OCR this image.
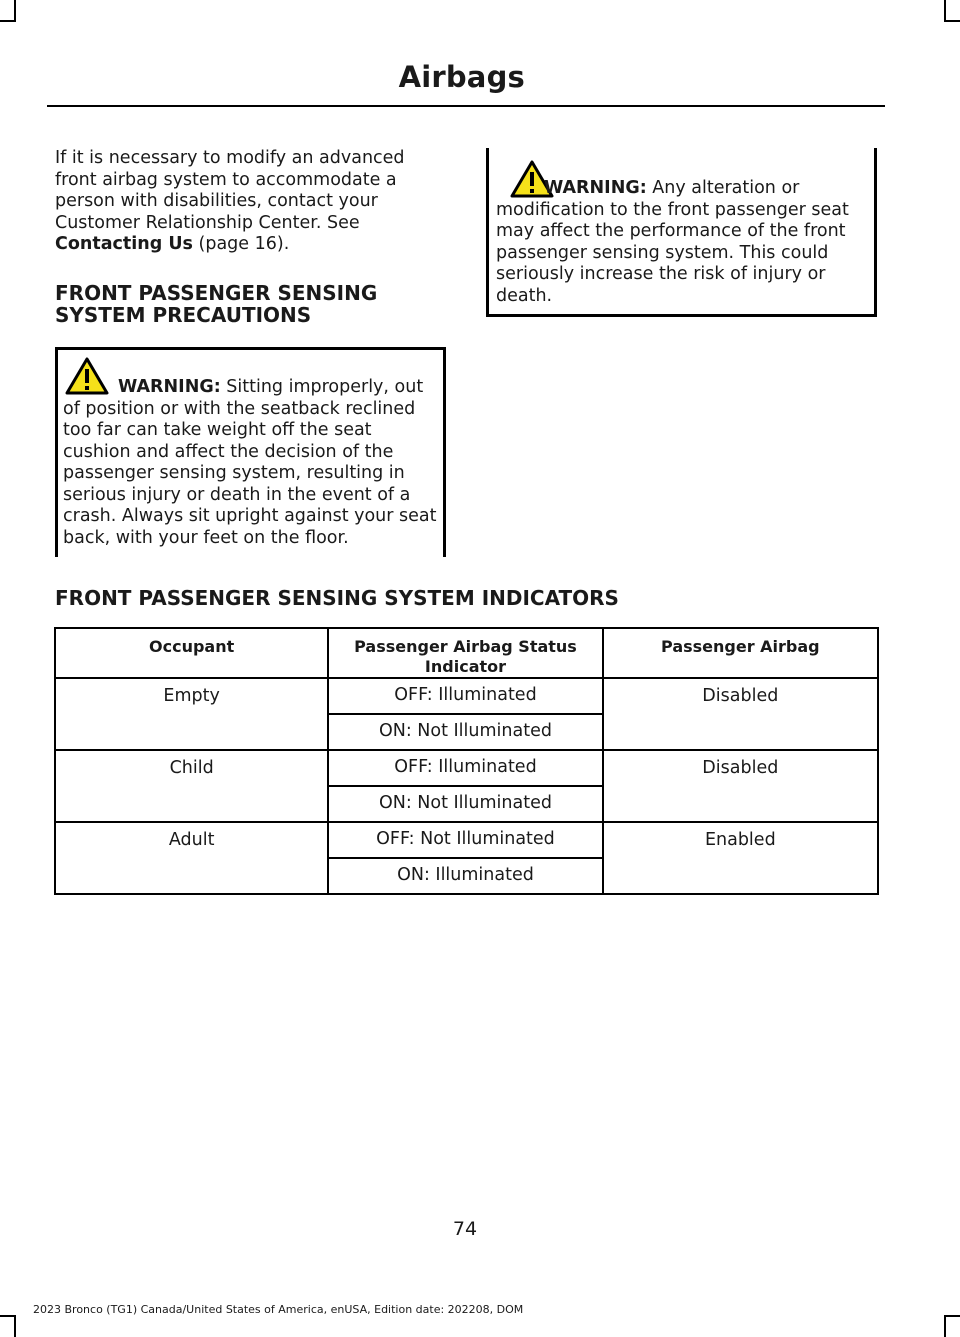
Airbags

If it is necessary to modify an advanced front airbag system to accommodate a person with disabilities, contact your Customer Relationship Center. See Contacting Us (page 16).

FRONT PASSENGER SENSING SYSTEM PRECAUTIONS

WARNING: Sitting improperly, out of position or with the seatback reclined too far can take weight off the seat cushion and affect the decision of the passenger sensing system, resulting in serious injury or death in the event of a crash. Always sit upright against your seat back, with your feet on the floor.

WARNING: Any alteration or modification to the front passenger seat may affect the performance of the front passenger sensing system. This could seriously increase the risk of injury or death.

FRONT PASSENGER SENSING SYSTEM INDICATORS
Occupant	Passenger Airbag Status Indicator	Passenger Airbag
Empty	OFF: Illuminated	Disabled
	ON: Not Illuminated	
Child	OFF: Illuminated	Disabled
	ON: Not Illuminated	
Adult	OFF: Not Illuminated	Enabled
	ON: Illuminated	

74

2023 Bronco (TG1) Canada/United States of America, enUSA, Edition date: 202208, DOM
